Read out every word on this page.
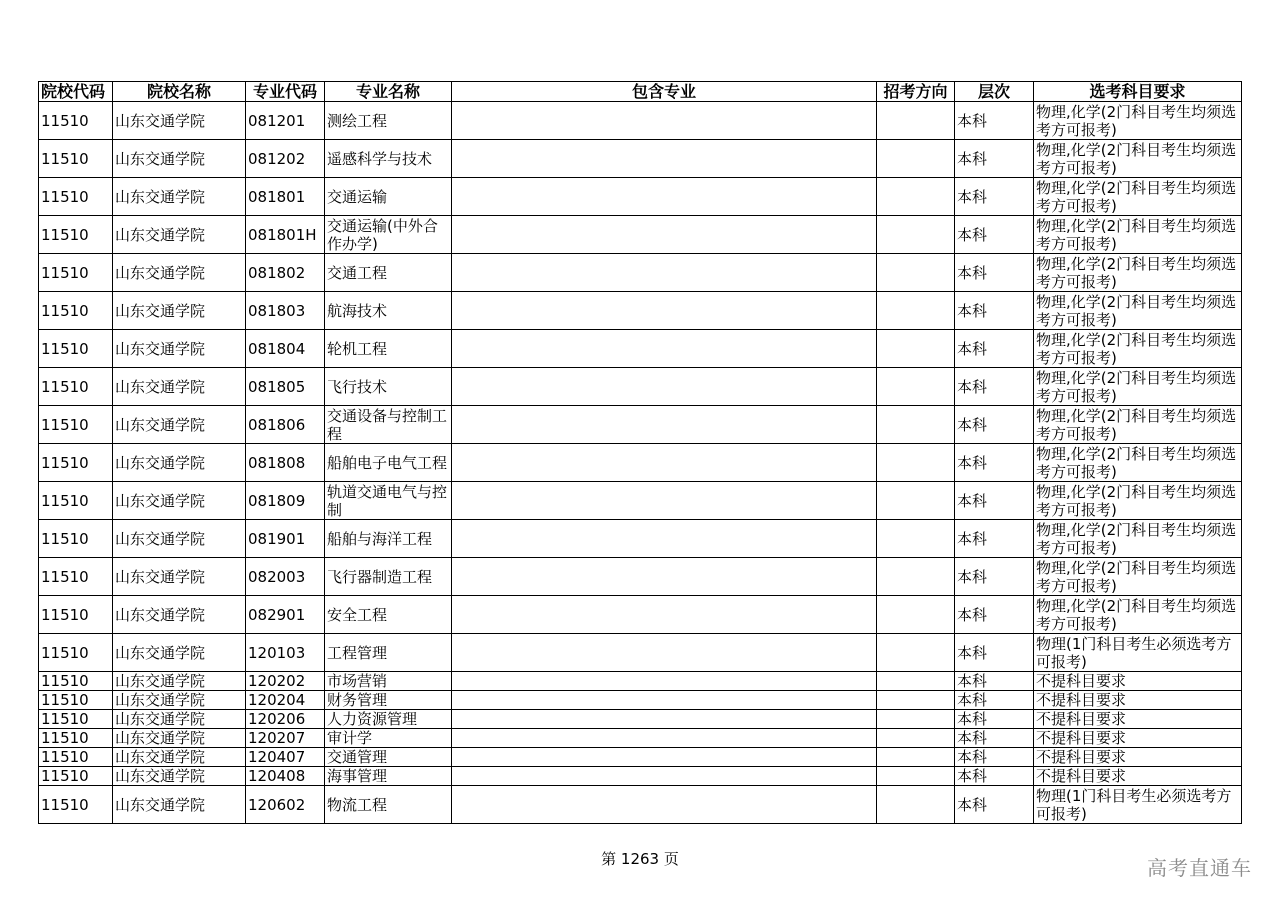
院校代码	院校名称	专业代码	专业名称	包含专业	招考方向	层次	选考科目要求
11510	山东交通学院	081201	测绘工程			本科	物理,化学(2门科目考生均须选考方可报考)
11510	山东交通学院	081202	遥感科学与技术			本科	物理,化学(2门科目考生均须选考方可报考)
11510	山东交通学院	081801	交通运输			本科	物理,化学(2门科目考生均须选考方可报考)
11510	山东交通学院	081801H	交通运输(中外合作办学)			本科	物理,化学(2门科目考生均须选考方可报考)
11510	山东交通学院	081802	交通工程			本科	物理,化学(2门科目考生均须选考方可报考)
11510	山东交通学院	081803	航海技术			本科	物理,化学(2门科目考生均须选考方可报考)
11510	山东交通学院	081804	轮机工程			本科	物理,化学(2门科目考生均须选考方可报考)
11510	山东交通学院	081805	飞行技术			本科	物理,化学(2门科目考生均须选考方可报考)
11510	山东交通学院	081806	交通设备与控制工程			本科	物理,化学(2门科目考生均须选考方可报考)
11510	山东交通学院	081808	船舶电子电气工程			本科	物理,化学(2门科目考生均须选考方可报考)
11510	山东交通学院	081809	轨道交通电气与控制			本科	物理,化学(2门科目考生均须选考方可报考)
11510	山东交通学院	081901	船舶与海洋工程			本科	物理,化学(2门科目考生均须选考方可报考)
11510	山东交通学院	082003	飞行器制造工程			本科	物理,化学(2门科目考生均须选考方可报考)
11510	山东交通学院	082901	安全工程			本科	物理,化学(2门科目考生均须选考方可报考)
11510	山东交通学院	120103	工程管理			本科	物理(1门科目考生必须选考方可报考)
11510	山东交通学院	120202	市场营销			本科	不提科目要求
11510	山东交通学院	120204	财务管理			本科	不提科目要求
11510	山东交通学院	120206	人力资源管理			本科	不提科目要求
11510	山东交通学院	120207	审计学			本科	不提科目要求
11510	山东交通学院	120407	交通管理			本科	不提科目要求
11510	山东交通学院	120408	海事管理			本科	不提科目要求
11510	山东交通学院	120602	物流工程			本科	物理(1门科目考生必须选考方可报考)
第 1263 页	高考直通车
